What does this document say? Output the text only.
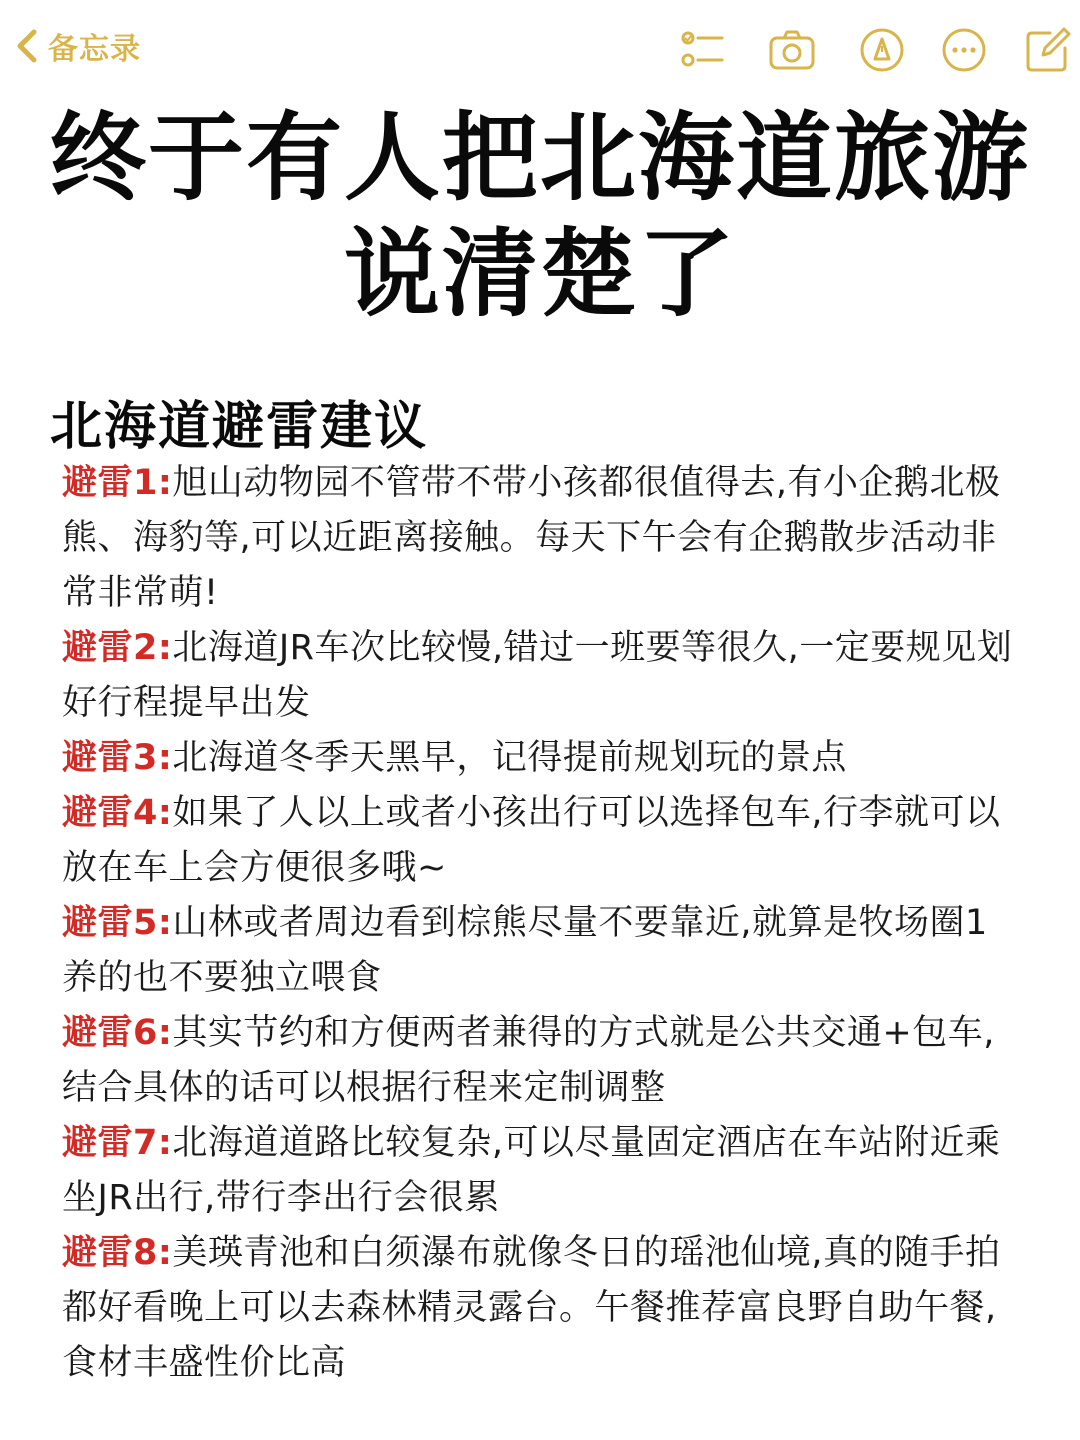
备忘录
终于有人把北海道旅游
说清楚了
北海道避雷建议

避雷1:旭山动物园不管带不带小孩都很值得去,有小企鹅北极熊、海豹等,可以近距离接触。每天下午会有企鹅散步活动非常非常萌!

避雷2:北海道JR车次比较慢,错过一班要等很久,一定要规见划好行程提早出发

避雷3:北海道冬季天黑早，记得提前规划玩的景点

避雷4:如果了人以上或者小孩出行可以选择包车,行李就可以放在车上会方便很多哦~

避雷5:山林或者周边看到棕熊尽量不要靠近,就算是牧场圈1养的也不要独立喂食

避雷6:其实节约和方便两者兼得的方式就是公共交通+包车,结合具体的话可以根据行程来定制调整

避雷7:北海道道路比较复杂,可以尽量固定酒店在车站附近乘坐JR出行,带行李出行会很累

避雷8:美瑛青池和白须瀑布就像冬日的瑶池仙境,真的随手拍都好看晚上可以去森林精灵露台。午餐推荐富良野自助午餐,食材丰盛性价比高
